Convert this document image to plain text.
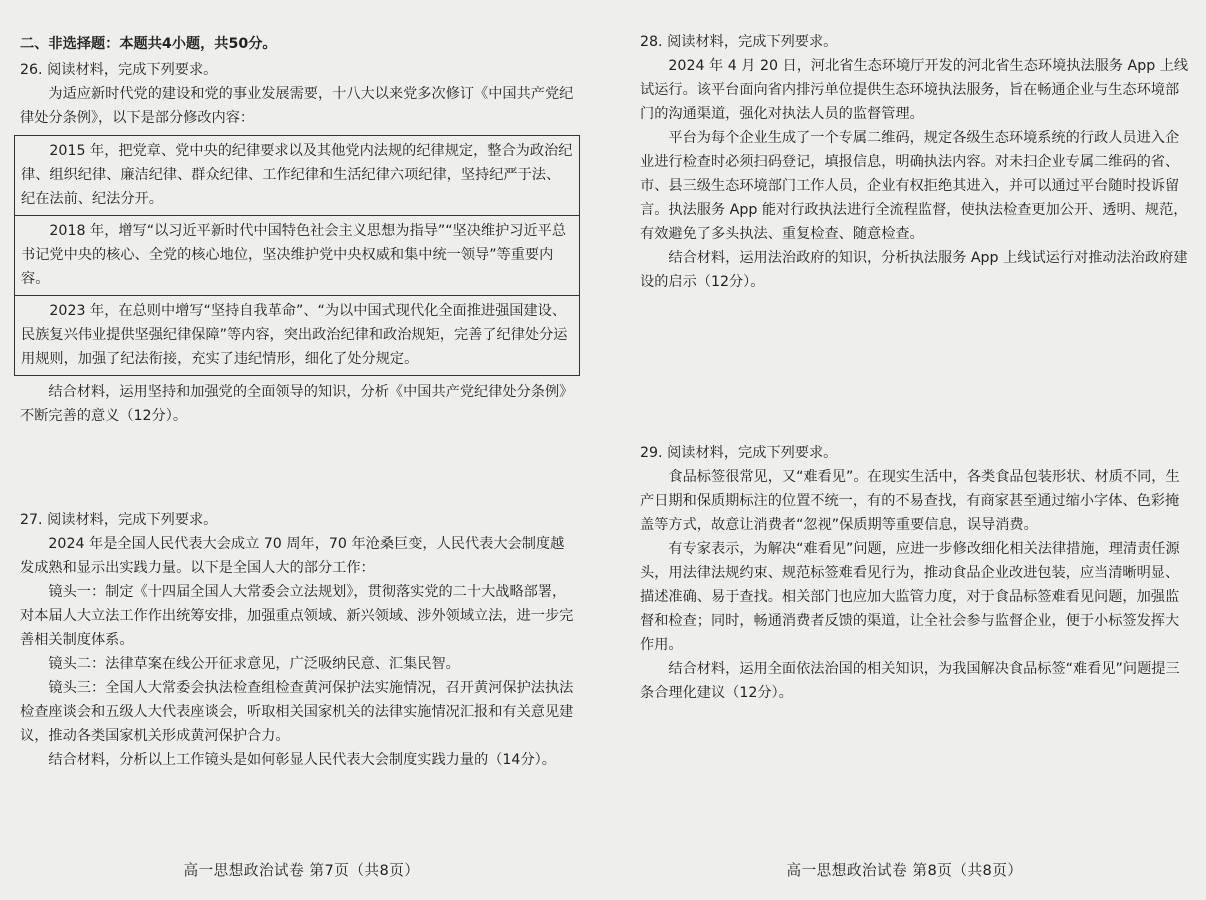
二、非选择题：本题共4小题，共50分。

26. 阅读材料，完成下列要求。

为适应新时代党的建设和党的事业发展需要，十八大以来党多次修订《中国共产党纪律处分条例》，以下是部分修改内容：

2015 年，把党章、党中央的纪律要求以及其他党内法规的纪律规定，整合为政治纪律、组织纪律、廉洁纪律、群众纪律、工作纪律和生活纪律六项纪律，坚持纪严于法、纪在法前、纪法分开。

2018 年，增写“以习近平新时代中国特色社会主义思想为指导”“坚决维护习近平总书记党中央的核心、全党的核心地位，坚决维护党中央权威和集中统一领导”等重要内容。

2023 年，在总则中增写“坚持自我革命”、“为以中国式现代化全面推进强国建设、民族复兴伟业提供坚强纪律保障”等内容，突出政治纪律和政治规矩，完善了纪律处分运用规则，加强了纪法衔接，充实了违纪情形，细化了处分规定。

结合材料，运用坚持和加强党的全面领导的知识，分析《中国共产党纪律处分条例》不断完善的意义（12分）。

27. 阅读材料，完成下列要求。

2024 年是全国人民代表大会成立 70 周年，70 年沧桑巨变，人民代表大会制度越发成熟和显示出实践力量。以下是全国人大的部分工作：

镜头一：制定《十四届全国人大常委会立法规划》，贯彻落实党的二十大战略部署，对本届人大立法工作作出统筹安排，加强重点领域、新兴领域、涉外领域立法，进一步完善相关制度体系。

镜头二：法律草案在线公开征求意见，广泛吸纳民意、汇集民智。

镜头三：全国人大常委会执法检查组检查黄河保护法实施情况，召开黄河保护法执法检查座谈会和五级人大代表座谈会，听取相关国家机关的法律实施情况汇报和有关意见建议，推动各类国家机关形成黄河保护合力。

结合材料，分析以上工作镜头是如何彰显人民代表大会制度实践力量的（14分）。

高一思想政治试卷 第7页（共8页）

28. 阅读材料，完成下列要求。

2024 年 4 月 20 日，河北省生态环境厅开发的河北省生态环境执法服务 App 上线试运行。该平台面向省内排污单位提供生态环境执法服务，旨在畅通企业与生态环境部门的沟通渠道，强化对执法人员的监督管理。

平台为每个企业生成了一个专属二维码，规定各级生态环境系统的行政人员进入企业进行检查时必须扫码登记，填报信息，明确执法内容。对未扫企业专属二维码的省、市、县三级生态环境部门工作人员，企业有权拒绝其进入，并可以通过平台随时投诉留言。执法服务 App 能对行政执法进行全流程监督，使执法检查更加公开、透明、规范，有效避免了多头执法、重复检查、随意检查。

结合材料，运用法治政府的知识，分析执法服务 App 上线试运行对推动法治政府建设的启示（12分）。

29. 阅读材料，完成下列要求。

食品标签很常见，又“难看见”。在现实生活中，各类食品包装形状、材质不同，生产日期和保质期标注的位置不统一，有的不易查找，有商家甚至通过缩小字体、色彩掩盖等方式，故意让消费者“忽视”保质期等重要信息，误导消费。

有专家表示，为解决“难看见”问题，应进一步修改细化相关法律措施，理清责任源头，用法律法规约束、规范标签难看见行为，推动食品企业改进包装，应当清晰明显、描述准确、易于查找。相关部门也应加大监管力度，对于食品标签难看见问题，加强监督和检查；同时，畅通消费者反馈的渠道，让全社会参与监督企业，便于小标签发挥大作用。

结合材料，运用全面依法治国的相关知识，为我国解决食品标签“难看见”问题提三条合理化建议（12分）。

高一思想政治试卷 第8页（共8页）
